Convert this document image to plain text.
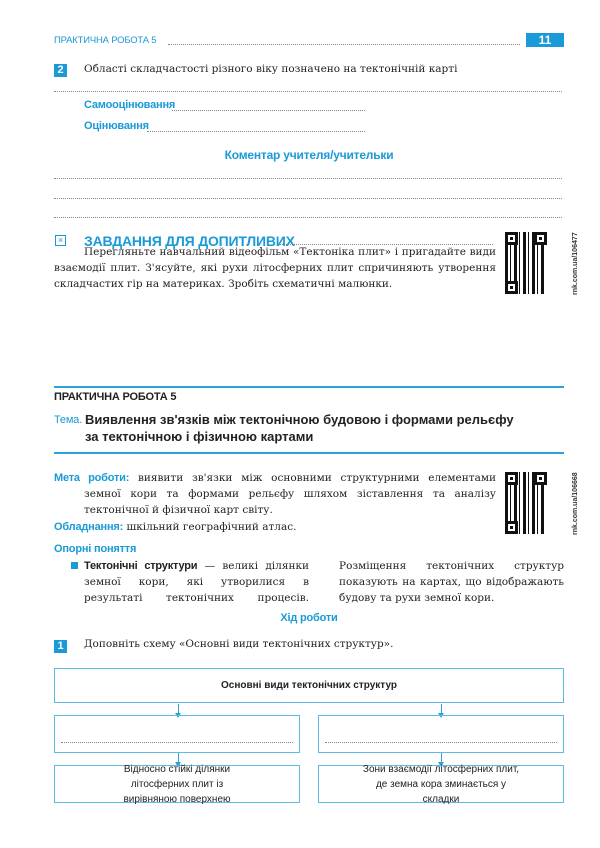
ПРАКТИЧНА РОБОТА 5	11
2	Області складчастості різного віку позначено на тектонічній карті
Самооцінювання
Оцінювання
Коментар учителя/учительки
× ЗАВДАННЯ ДЛЯ ДОПИТЛИВИХ
Перегляньте навчальний відеофільм «Тектоніка плит» і пригадайте види взаємодії плит. З'ясуйте, які рухи літосферних плит спричиняють утворення складчастих гір на материках. Зробіть схематичні малюнки.	rnk.com.ua/106477
ПРАКТИЧНА РОБОТА 5
Тема. Виявлення зв'язків між тектонічною будовою і формами рельєфу
за тектонічною і фізичною картами
Мета роботи: виявити зв'язки між основними структурними елементами земної кори та формами рельєфу шляхом зіставлення та аналізу тектонічної й фізичної карт світу.
Обладнання: шкільний географічний атлас.	rnk.com.ua/106668
Опорні поняття
Тектонічні структури — великі ділянки земної кори, які утворилися в результаті тектонічних процесів. Розміщення тектонічних структур показують на картах, що відображають будову та рухи земної кори.
Хід роботи
1	Доповніть схему «Основні види тектонічних структур».
Основні види тектонічних структур
Відносно стійкі ділянки літосферних плит із вирівняною поверхнею
Зони взаємодії літосферних плит, де земна кора зминається у складки
